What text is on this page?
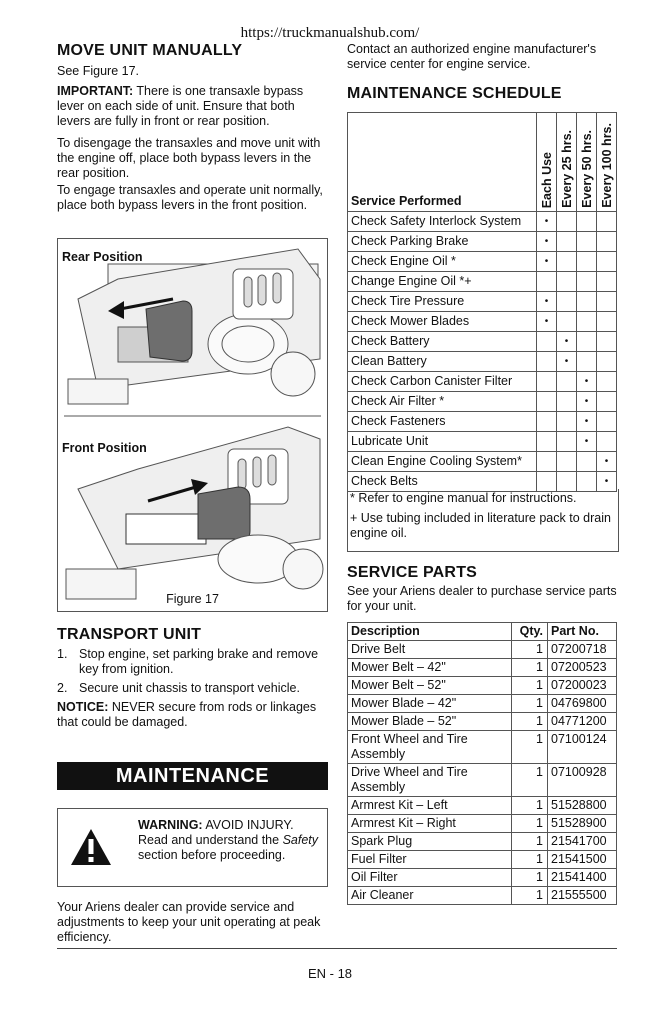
https://truckmanualshub.com/
MOVE UNIT MANUALLY

See Figure 17.

IMPORTANT: There is one transaxle bypass lever on each side of unit. Ensure that both levers are fully in front or rear position.

To disengage the transaxles and move unit with the engine off, place both bypass levers in the rear position.

To engage transaxles and operate unit normally, place both bypass levers in the front position.

Rear Position
Front Position
Figure 17
TRANSPORT UNIT
1. Stop engine, set parking brake and remove key from ignition.
2. Secure unit chassis to transport vehicle.

NOTICE: NEVER secure from rods or linkages that could be damaged.

MAINTENANCE
WARNING: AVOID INJURY. Read and understand the Safety section before proceeding.

Your Ariens dealer can provide service and adjustments to keep your unit operating at peak efficiency.

Contact an authorized engine manufacturer's service center for engine service.

MAINTENANCE SCHEDULE
Service Performed	Each Use	Every 25 hrs.	Every 50 hrs.	Every 100 hrs.

Check Safety Interlock System	•			
Check Parking Brake	•			
Check Engine Oil *	•			
Change Engine Oil *+				
Check Tire Pressure	•			
Check Mower Blades	•			
Check Battery		•		
Clean Battery		•		
Check Carbon Canister Filter			•	
Check Air Filter *			•	
Check Fasteners			•	
Lubricate Unit			•	
Clean Engine Cooling System*				•
Check Belts				•
* Refer to engine manual for instructions.
+ Use tubing included in literature pack to drain engine oil.
SERVICE PARTS

See your Ariens dealer to purchase service parts for your unit.

Description	Qty.	Part No.
Drive Belt	1	07200718
Mower Belt – 42"	1	07200523
Mower Belt – 52"	1	07200023
Mower Blade – 42"	1	04769800
Mower Blade – 52"	1	04771200
Front Wheel and Tire Assembly	1	07100124
Drive Wheel and Tire Assembly	1	07100928
Armrest Kit – Left	1	51528800
Armrest Kit – Right	1	51528900
Spark Plug	1	21541700
Fuel Filter	1	21541500
Oil Filter	1	21541400
Air Cleaner	1	21555500
EN - 18
